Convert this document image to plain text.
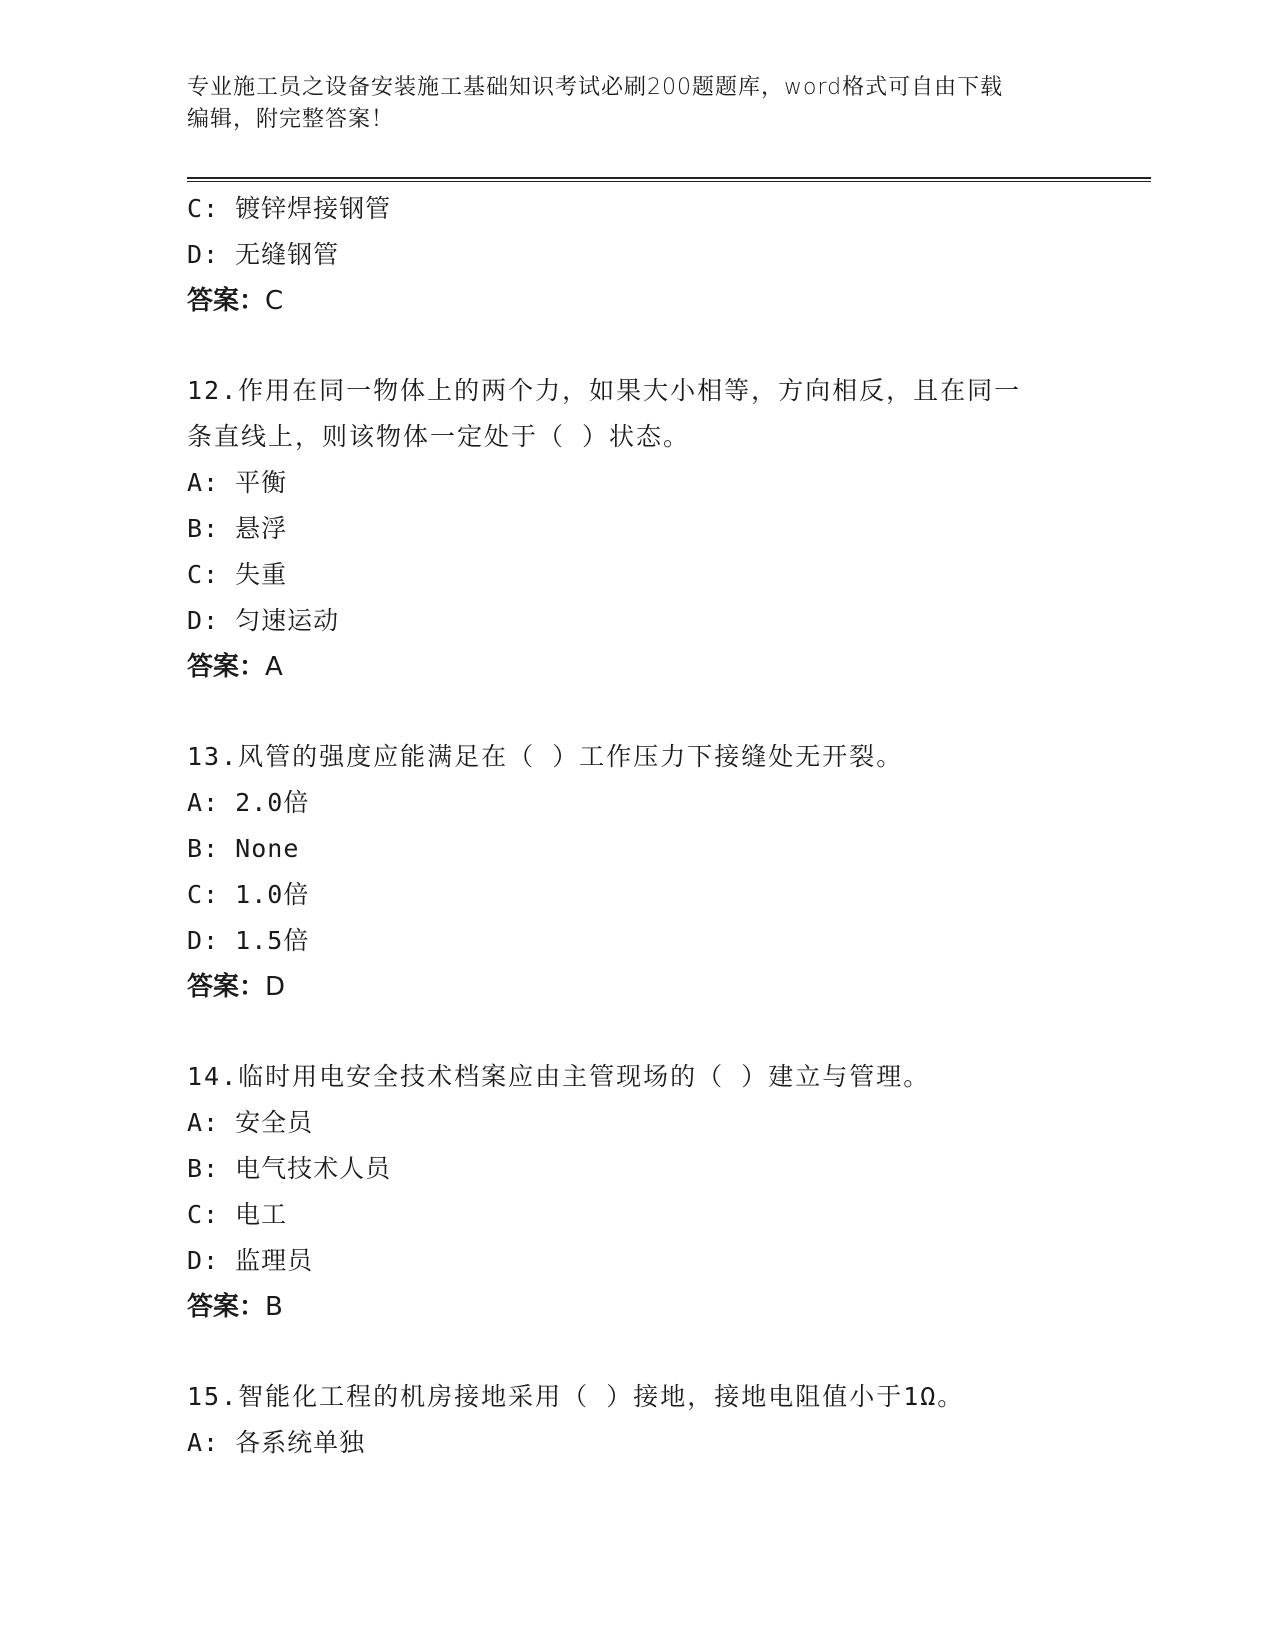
专业施工员之设备安装施工基础知识考试必刷200题题库，word格式可自由下载
编辑，附完整答案！
C: 镀锌焊接钢管
D: 无缝钢管
答案：C
12.作用在同一物体上的两个力，如果大小相等，方向相反，且在同一
条直线上，则该物体一定处于（ ）状态。
A: 平衡
B: 悬浮
C: 失重
D: 匀速运动
答案：A
13.风管的强度应能满足在（ ）工作压力下接缝处无开裂。
A: 2.0倍
B: None
C: 1.0倍
D: 1.5倍
答案：D
14.临时用电安全技术档案应由主管现场的（ ）建立与管理。
A: 安全员
B: 电气技术人员
C: 电工
D: 监理员
答案：B
15.智能化工程的机房接地采用（ ）接地，接地电阻值小于1Ω。
A: 各系统单独
